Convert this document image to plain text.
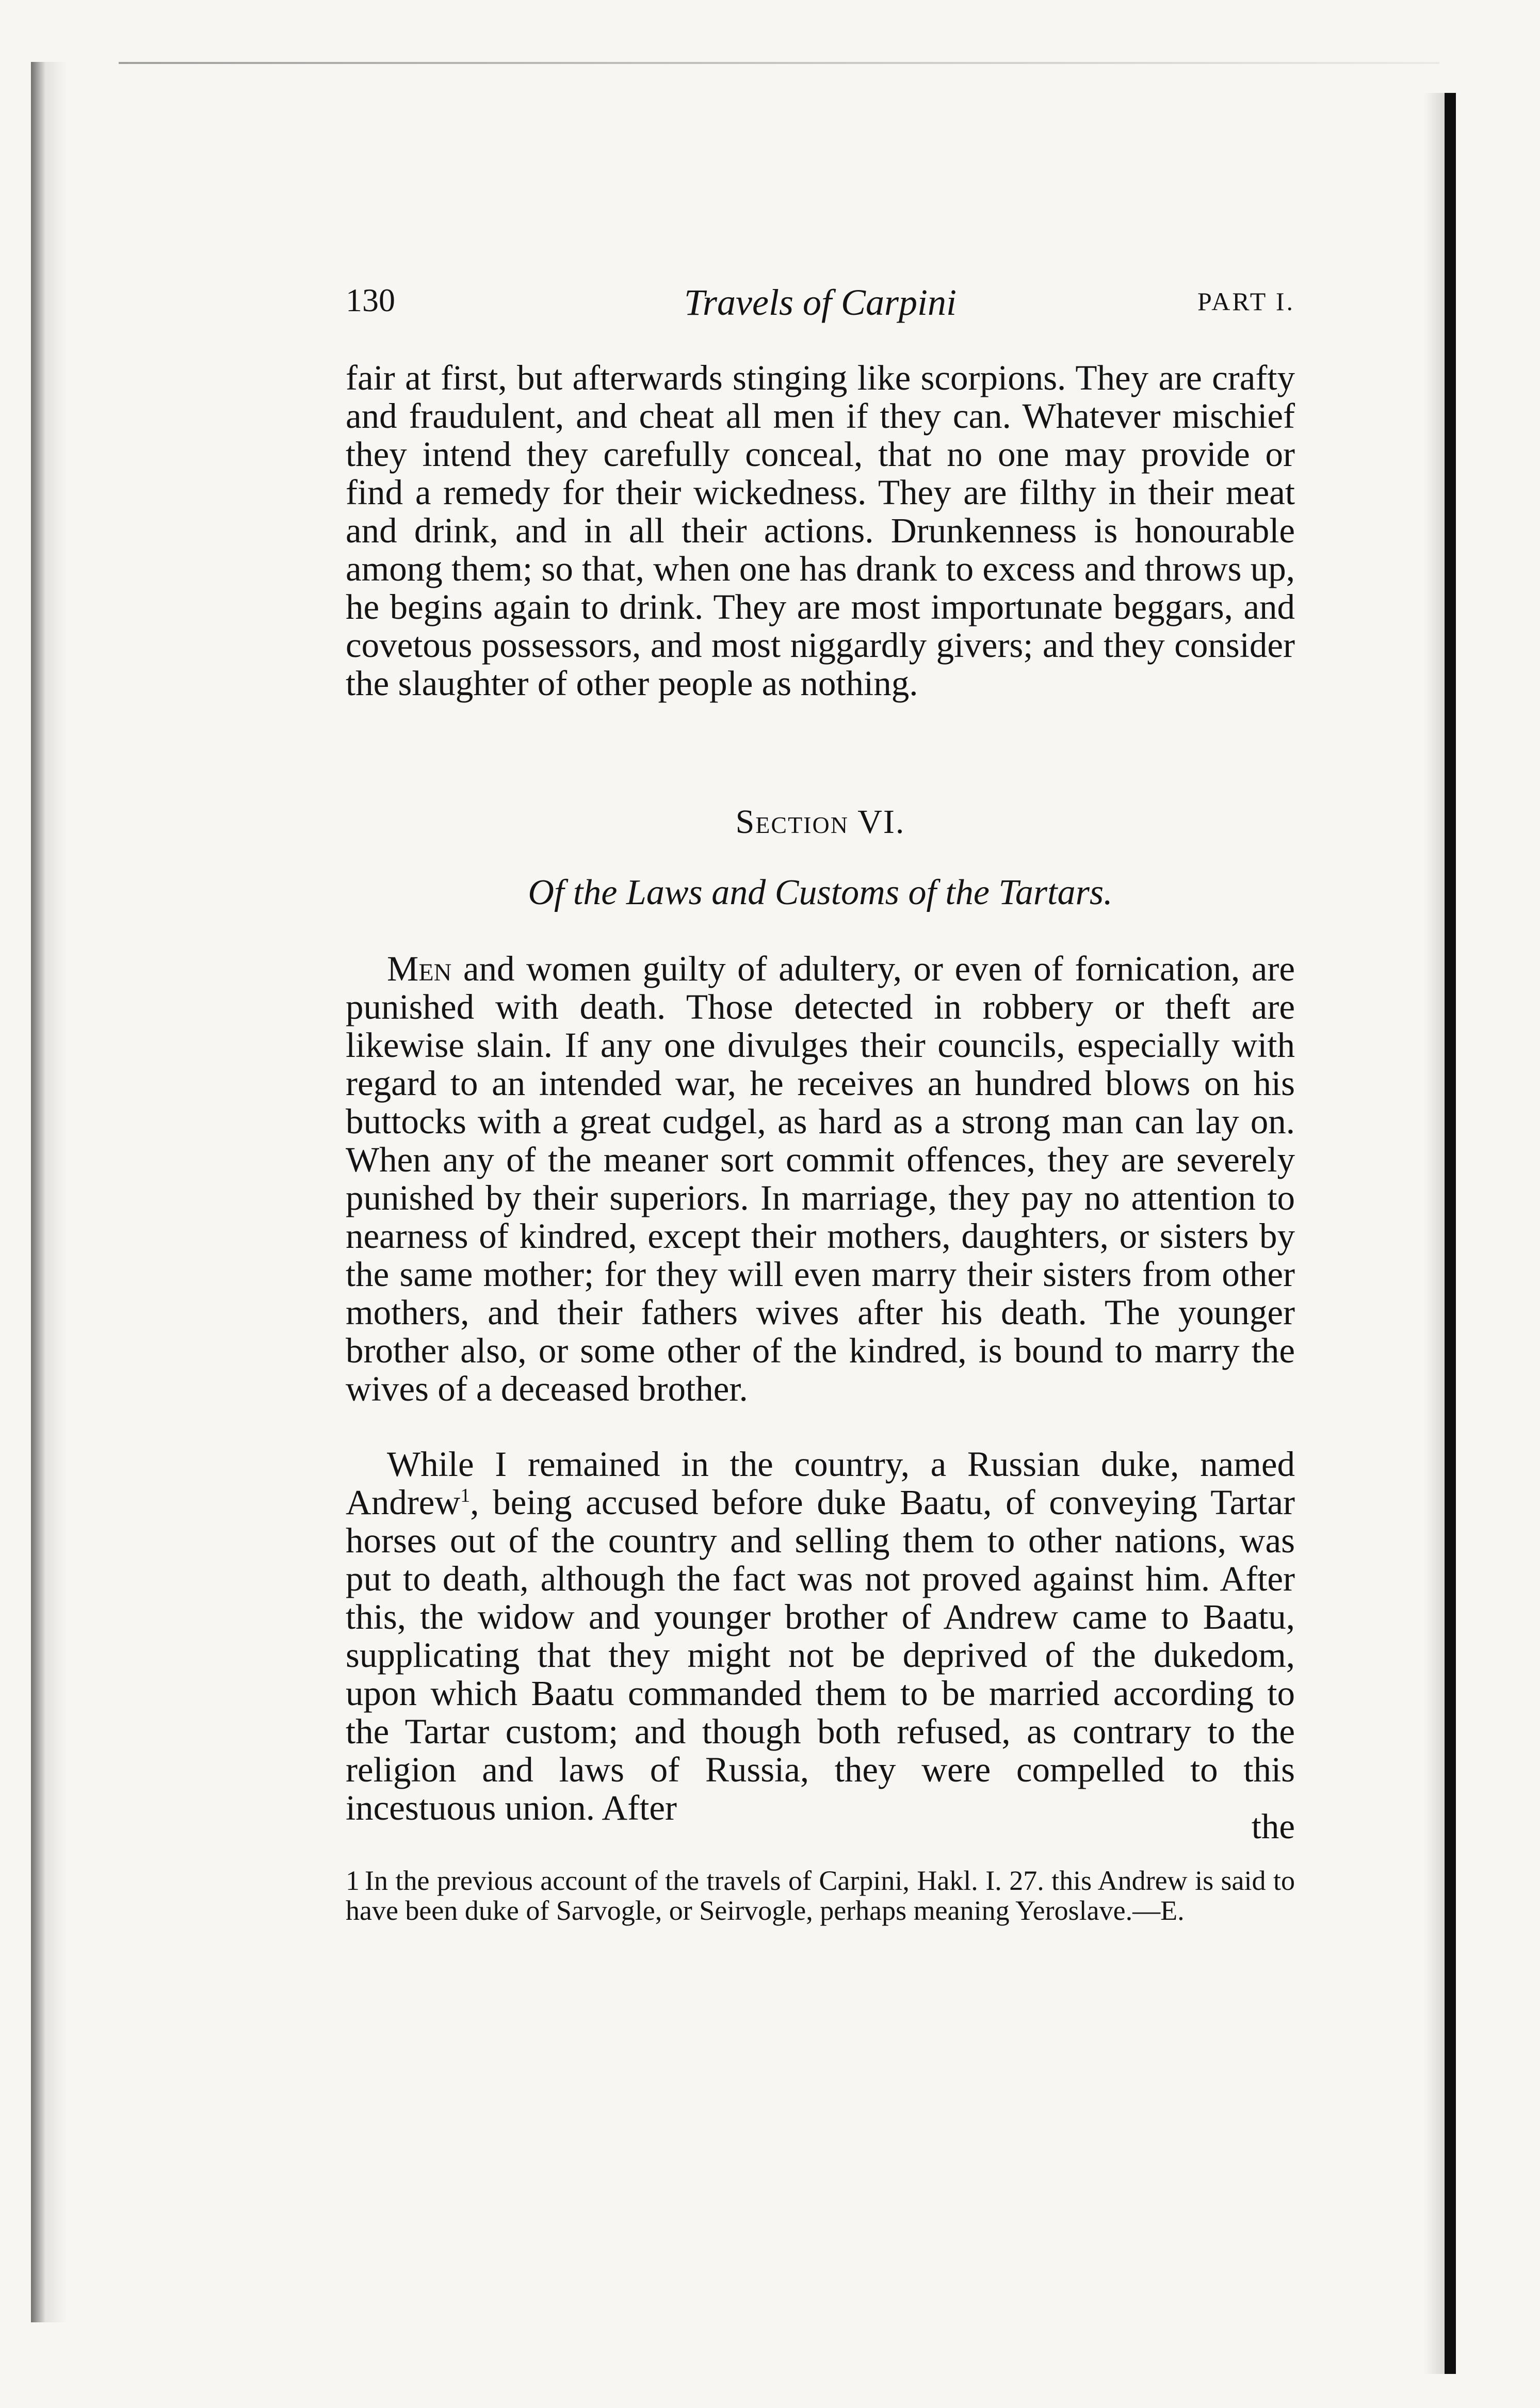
130	Travels of Carpini	PART I.

fair at first, but afterwards stinging like scorpions. They are crafty and fraudulent, and cheat all men if they can. Whatever mischief they intend they carefully conceal, that no one may provide or find a remedy for their wickedness. They are filthy in their meat and drink, and in all their actions. Drunkenness is honourable among them; so that, when one has drank to excess and throws up, he begins again to drink. They are most importunate beggars, and covetous possessors, and most niggardly givers; and they consider the slaughter of other people as nothing.

Section VI.
Of the Laws and Customs of the Tartars.

Men and women guilty of adultery, or even of fornication, are punished with death. Those detected in robbery or theft are likewise slain. If any one divulges their councils, especially with regard to an intended war, he receives an hundred blows on his buttocks with a great cudgel, as hard as a strong man can lay on. When any of the meaner sort commit offences, they are severely punished by their superiors. In marriage, they pay no attention to nearness of kindred, except their mothers, daughters, or sisters by the same mother; for they will even marry their sisters from other mothers, and their fathers wives after his death. The younger brother also, or some other of the kindred, is bound to marry the wives of a deceased brother.

While I remained in the country, a Russian duke, named Andrew$^1$, being accused before duke Baatu, of conveying Tartar horses out of the country and selling them to other nations, was put to death, although the fact was not proved against him. After this, the widow and younger brother of Andrew came to Baatu, supplicating that they might not be deprived of the dukedom, upon which Baatu commanded them to be married according to the Tartar custom; and though both refused, as contrary to the religion and laws of Russia, they were compelled to this incestuous union. After	the
1 In the previous account of the travels of Carpini, Hakl. I. 27. this Andrew is said to have been duke of Sarvogle, or Seirvogle, perhaps meaning Yeroslave.—E.
